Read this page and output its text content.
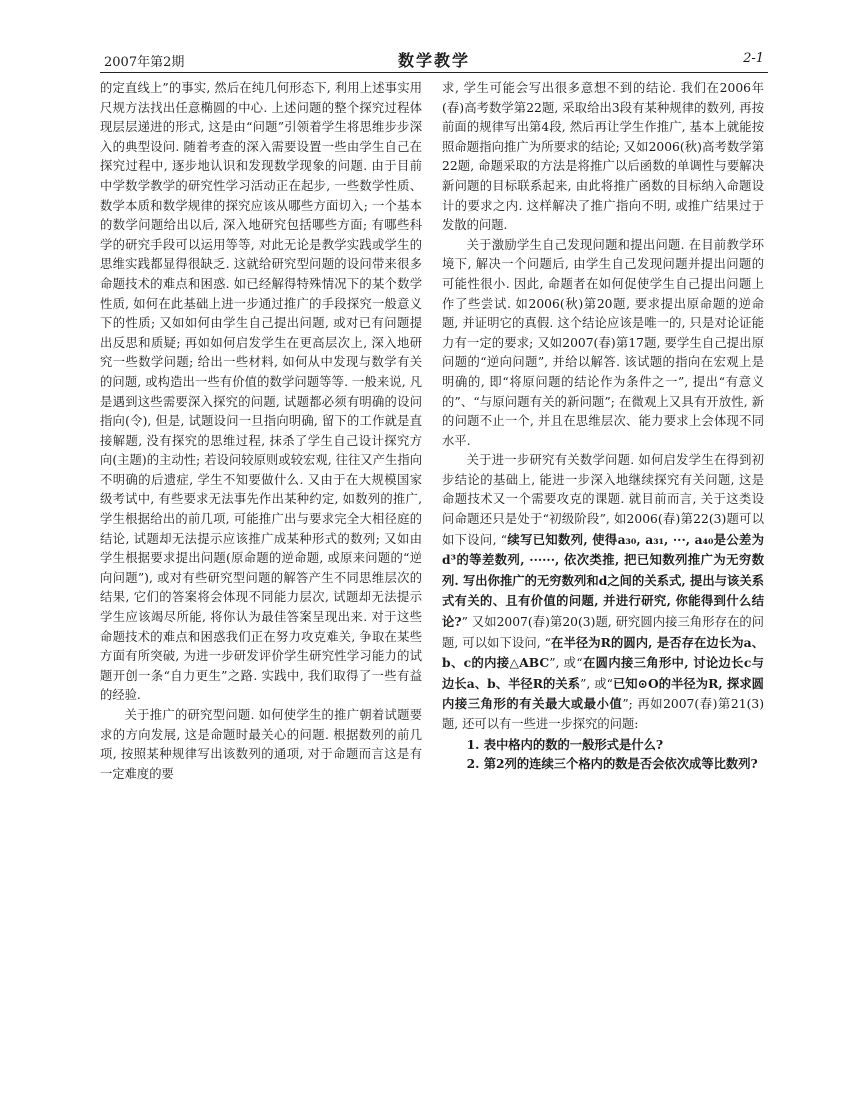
2007年第2期	数学教学	2-1

的定直线上”的事实, 然后在纯几何形态下, 利用上述事实用尺规方法找出任意椭圆的中心. 上述问题的整个探究过程体现层层递进的形式, 这是由“问题”引领着学生将思维步步深入的典型设问. 随着考查的深入需要设置一些由学生自己在探究过程中, 逐步地认识和发现数学现象的问题. 由于目前中学数学教学的研究性学习活动正在起步, 一些数学性质、数学本质和数学规律的探究应该从哪些方面切入; 一个基本的数学问题给出以后, 深入地研究包括哪些方面; 有哪些科学的研究手段可以运用等等, 对此无论是教学实践或学生的思维实践都显得很缺乏. 这就给研究型问题的设问带来很多命题技术的难点和困惑. 如已经解得特殊情况下的某个数学性质, 如何在此基础上进一步通过推广的手段探究一般意义下的性质; 又如如何由学生自己提出问题, 或对已有问题提出反思和质疑; 再如如何启发学生在更高层次上, 深入地研究一些数学问题; 给出一些材料, 如何从中发现与数学有关的问题, 或构造出一些有价值的数学问题等等. 一般来说, 凡是遇到这些需要深入探究的问题, 试题都必须有明确的设问指向(令), 但是, 试题设问一旦指向明确, 留下的工作就是直接解题, 没有探究的思维过程, 抹杀了学生自己设计探究方向(主题)的主动性; 若设问较原则或较宏观, 往往又产生指向不明确的后遗症, 学生不知要做什么. 又由于在大规模国家级考试中, 有些要求无法事先作出某种约定, 如数列的推广, 学生根据给出的前几项, 可能推广出与要求完全大相径庭的结论, 试题却无法提示应该推广成某种形式的数列; 又如由学生根据要求提出问题(原命题的逆命题, 或原来问题的“逆向问题”), 或对有些研究型问题的解答产生不同思维层次的结果, 它们的答案将会体现不同能力层次, 试题却无法提示学生应该竭尽所能, 将你认为最佳答案呈现出来. 对于这些命题技术的难点和困惑我们正在努力攻克难关, 争取在某些方面有所突破, 为进一步研发评价学生研究性学习能力的试题开创一条“自力更生”之路. 实践中, 我们取得了一些有益的经验.

关于推广的研究型问题. 如何使学生的推广朝着试题要求的方向发展, 这是命题时最关心的问题. 根据数列的前几项, 按照某种规律写出该数列的通项, 对于命题而言这是有一定难度的要

求, 学生可能会写出很多意想不到的结论. 我们在2006年(春)高考数学第22题, 采取给出3段有某种规律的数列, 再按前面的规律写出第4段, 然后再让学生作推广, 基本上就能按照命题指向推广为所要求的结论; 又如2006(秋)高考数学第22题, 命题采取的方法是将推广以后函数的单调性与要解决新问题的目标联系起来, 由此将推广函数的目标纳入命题设计的要求之内. 这样解决了推广指向不明, 或推广结果过于发散的问题.

关于激励学生自己发现问题和提出问题. 在目前教学环境下, 解决一个问题后, 由学生自己发现问题并提出问题的可能性很小. 因此, 命题者在如何促使学生自己提出问题上作了些尝试. 如2006(秋)第20题, 要求提出原命题的逆命题, 并证明它的真假. 这个结论应该是唯一的, 只是对论证能力有一定的要求; 又如2007(春)第17题, 要学生自己提出原问题的“逆向问题”, 并给以解答. 该试题的指向在宏观上是明确的, 即“将原问题的结论作为条件之一”, 提出“有意义的”、“与原问题有关的新问题”; 在微观上又具有开放性, 新的问题不止一个, 并且在思维层次、能力要求上会体现不同水平.

关于进一步研究有关数学问题. 如何启发学生在得到初步结论的基础上, 能进一步深入地继续探究有关问题, 这是命题技术又一个需要攻克的课题. 就目前而言, 关于这类设问命题还只是处于“初级阶段”, 如2006(春)第22(3)题可以如下设问, “续写已知数列, 使得a₃₀, a₃₁, ···, a₄₀是公差为d³的等差数列, ······, 依次类推, 把已知数列推广为无穷数列. 写出你推广的无穷数列和d之间的关系式, 提出与该关系式有关的、且有价值的问题, 并进行研究, 你能得到什么结论?” 又如2007(春)第20(3)题, 研究圆内接三角形存在的问题, 可以如下设问, “在半径为R的圆内, 是否存在边长为a、b、c的内接△ABC”, 或“在圆内接三角形中, 讨论边长c与边长a、b、半径R的关系”, 或“已知⊙O的半径为R, 探求圆内接三角形的有关最大或最小值”; 再如2007(春)第21(3)题, 还可以有一些进一步探究的问题:

1. 表中格内的数的一般形式是什么?

2. 第2列的连续三个格内的数是否会依次成等比数列?
